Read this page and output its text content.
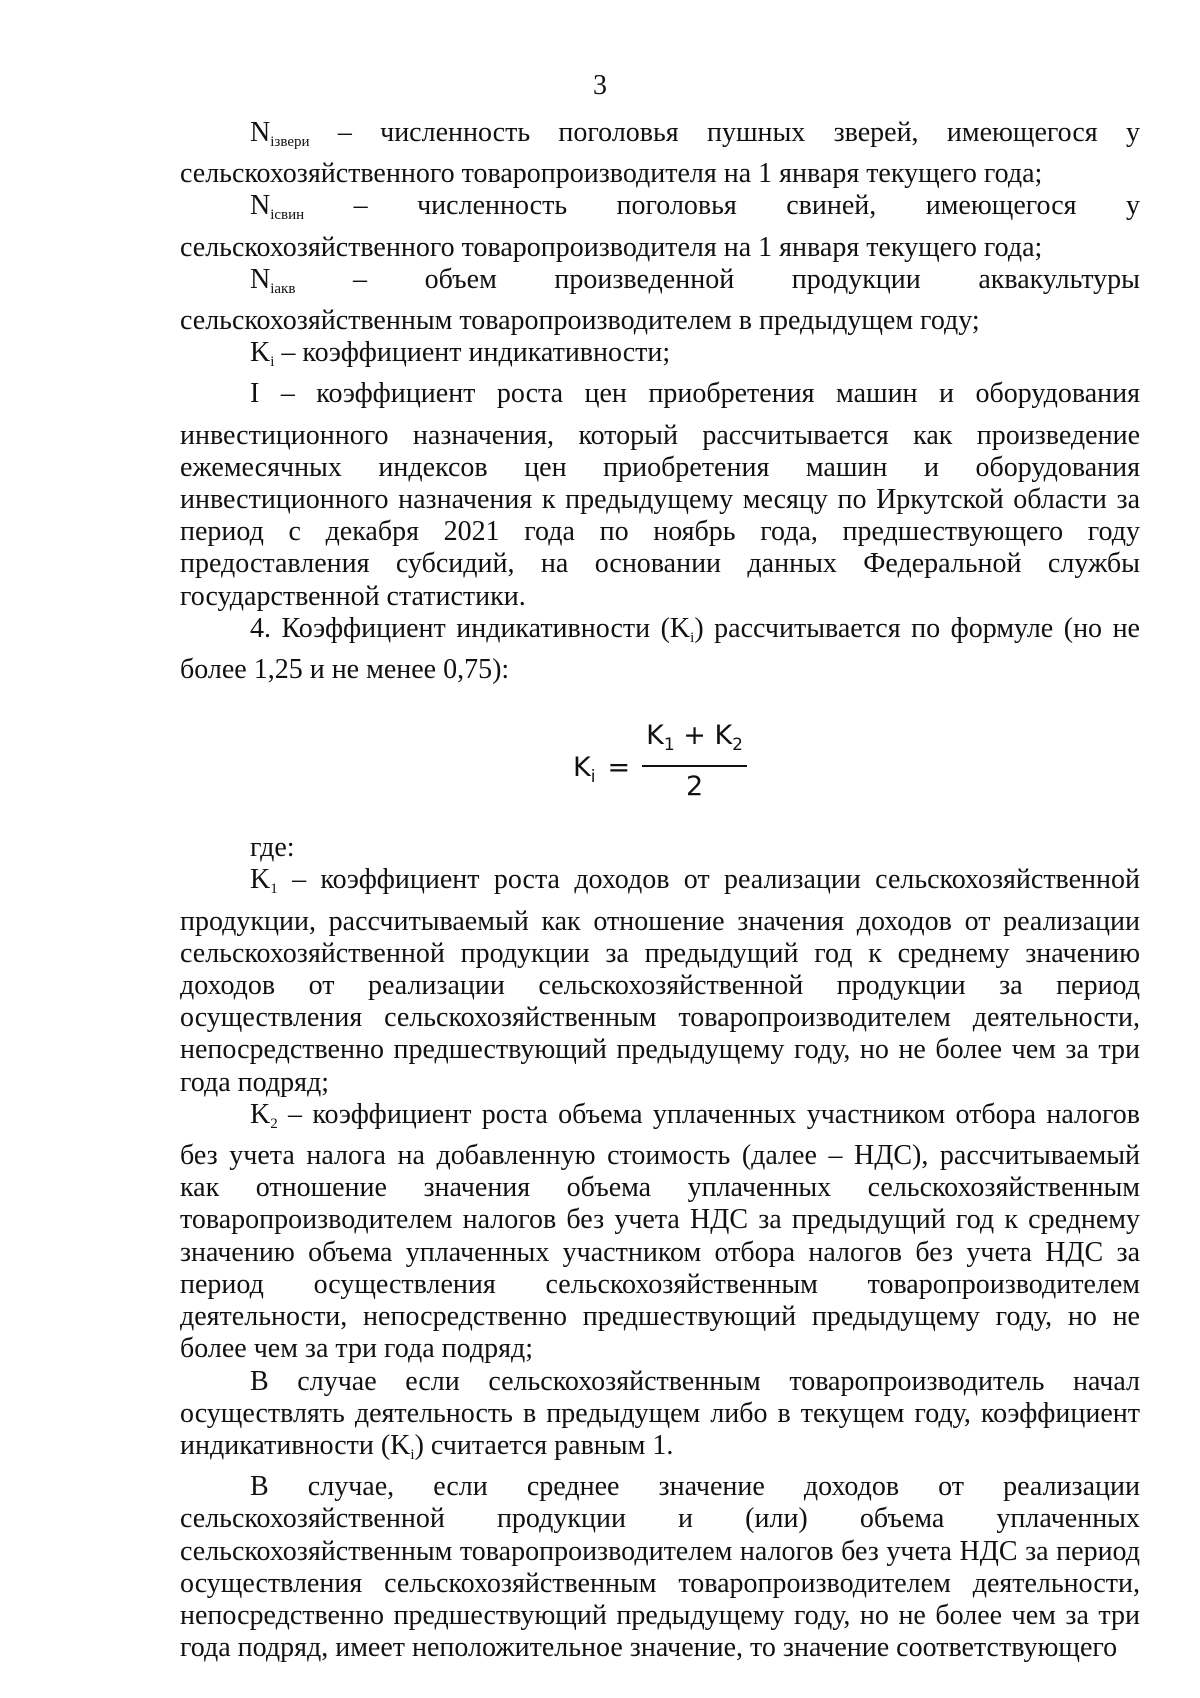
3

$N_{iзвери}$ – численность поголовья пушных зверей, имеющегося у сельскохозяйственного товаропроизводителя на 1 января текущего года;

$N_{iсвин}$ – численность поголовья свиней, имеющегося у сельскохозяйственного товаропроизводителя на 1 января текущего года;

$N_{iакв}$ – объем произведенной продукции аквакультуры сельскохозяйственным товаропроизводителем в предыдущем году;

$K_i$ – коэффициент индикативности;

I – коэффициент роста цен приобретения машин и оборудования инвестиционного назначения, который рассчитывается как произведение ежемесячных индексов цен приобретения машин и оборудования инвестиционного назначения к предыдущему месяцу по Иркутской области за период с декабря 2021 года по ноябрь года, предшествующего году предоставления субсидий, на основании данных Федеральной службы государственной статистики.

4. Коэффициент индикативности $(K_i)$ рассчитывается по формуле (но не более 1,25 и не менее 0,75):

$K_i = \frac{K_1 + K_2}{2}$

где:

$K_1$ – коэффициент роста доходов от реализации сельскохозяйственной продукции, рассчитываемый как отношение значения доходов от реализации сельскохозяйственной продукции за предыдущий год к среднему значению доходов от реализации сельскохозяйственной продукции за период осуществления сельскохозяйственным товаропроизводителем деятельности, непосредственно предшествующий предыдущему году, но не более чем за три года подряд;

$K_2$ – коэффициент роста объема уплаченных участником отбора налогов без учета налога на добавленную стоимость (далее – НДС), рассчитываемый как отношение значения объема уплаченных сельскохозяйственным товаропроизводителем налогов без учета НДС за предыдущий год к среднему значению объема уплаченных участником отбора налогов без учета НДС за период осуществления сельскохозяйственным товаропроизводителем деятельности, непосредственно предшествующий предыдущему году, но не более чем за три года подряд;

В случае если сельскохозяйственным товаропроизводитель начал осуществлять деятельность в предыдущем либо в текущем году, коэффициент индикативности $(K_i)$ считается равным 1.

В случае, если среднее значение доходов от реализации сельскохозяйственной продукции и (или) объема уплаченных сельскохозяйственным товаропроизводителем налогов без учета НДС за период осуществления сельскохозяйственным товаропроизводителем деятельности, непосредственно предшествующий предыдущему году, но не более чем за три года подряд, имеет неположительное значение, то значение соответствующего
